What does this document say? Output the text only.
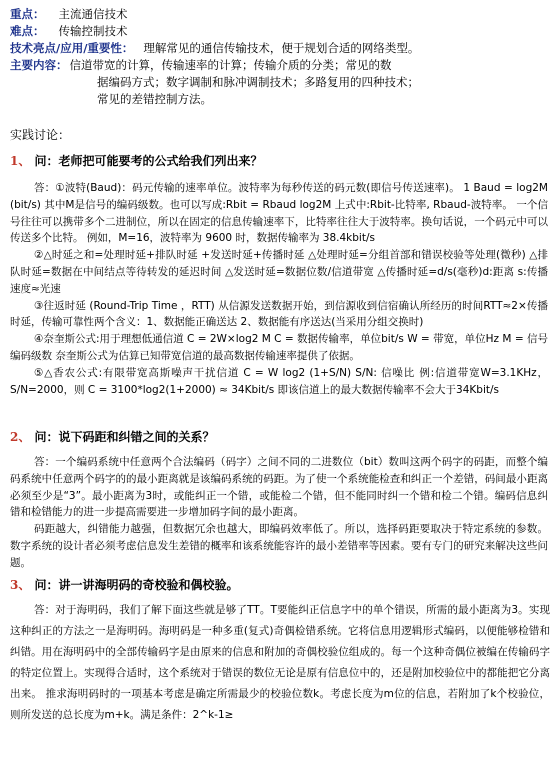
重点： 主流通信技术
难点： 传输控制技术
技术亮点/应用/重要性： 理解常见的通信传输技术，便于规划合适的网络类型。
主要内容： 信道带宽的计算，传输速率的计算；传输介质的分类；常见的数
据编码方式；数字调制和脉冲调制技术；多路复用的四种技术；
常见的差错控制方法。
实践讨论：
1、 问：老师把可能要考的公式给我们列出来？

答：①波特(Baud)：码元传输的速率单位。波特率为每秒传送的码元数(即信号传送速率)。 1 Baud = log2M (bit/s) 其中M是信号的编码级数。也可以写成:Rbit = Rbaud log2M 上式中:Rbit-比特率, Rbaud-波特率。 一个信号往往可以携带多个二进制位，所以在固定的信息传输速率下，比特率往往大于波特率。换句话说，一个码元中可以传送多个比特。 例如，M=16，波特率为 9600 时，数据传输率为 38.4kbit/s

②△时延之和=处理时延+排队时延 +发送时延+传播时延 △处理时延=分组首部和错误校验等处理(微秒) △排队时延=数据在中间结点等待转发的延迟时间 △发送时延=数据位数/信道带宽 △传播时延=d/s(毫秒)d:距离 s:传播速度≈光速

③往返时延 (Round-Trip Time ，RTT) 从信源发送数据开始，到信源收到信宿确认所经历的时间RTT≈2×传播时延，传输可靠性两个含义：1、数据能正确送达 2、数据能有序送达(当采用分组交换时)

④奈奎斯公式:用于理想低通信道 C = 2W×log2 M C = 数据传输率，单位bit/s W = 带宽，单位Hz M = 信号编码级数 奈奎斯公式为估算已知带宽信道的最高数据传输速率提供了依据。

⑤△香农公式:有限带宽高斯噪声干扰信道 C = W log2 (1+S/N) S/N: 信噪比 例:信道带宽W=3.1KHz，S/N=2000，则 C = 3100*log2(1+2000) ≈ 34Kbit/s 即该信道上的最大数据传输率不会大于34Kbit/s

2、 问：说下码距和纠错之间的关系？

答：一个编码系统中任意两个合法编码（码字）之间不同的二进数位（bit）数叫这两个码字的码距，而整个编码系统中任意两个码字的的最小距离就是该编码系统的码距。为了使一个系统能检查和纠正一个差错，码间最小距离必须至少是“3”。最小距离为3时，或能纠正一个错，或能检二个错，但不能同时纠一个错和检二个错。编码信息纠错和检错能力的进一步提高需要进一步增加码字间的最小距离。

码距越大，纠错能力越强，但数据冗余也越大，即编码效率低了。所以，选择码距要取决于特定系统的参数。数字系统的设计者必须考虑信息发生差错的概率和该系统能容许的最小差错率等因素。要有专门的研究来解决这些问题。

3、 问：讲一讲海明码的奇校验和偶校验。

答：对于海明码，我们了解下面这些就是够了TT。T要能纠正信息字中的单个错误，所需的最小距离为3。实现这种纠正的方法之一是海明码。海明码是一种多重(复式)奇偶检错系统。它将信息用逻辑形式编码，以便能够检错和纠错。用在海明码中的全部传输码字是由原来的信息和附加的奇偶校验位组成的。每一个这种奇偶位被编在传输码字的特定位置上。实现得合适时，这个系统对于错误的数位无论是原有信息位中的，还是附加校验位中的都能把它分离出来。 推求海明码时的一项基本考虑是确定所需最少的校验位数k。考虑长度为m位的信息，若附加了k个校验位，则所发送的总长度为m+k。满足条件：2^k-1≥
